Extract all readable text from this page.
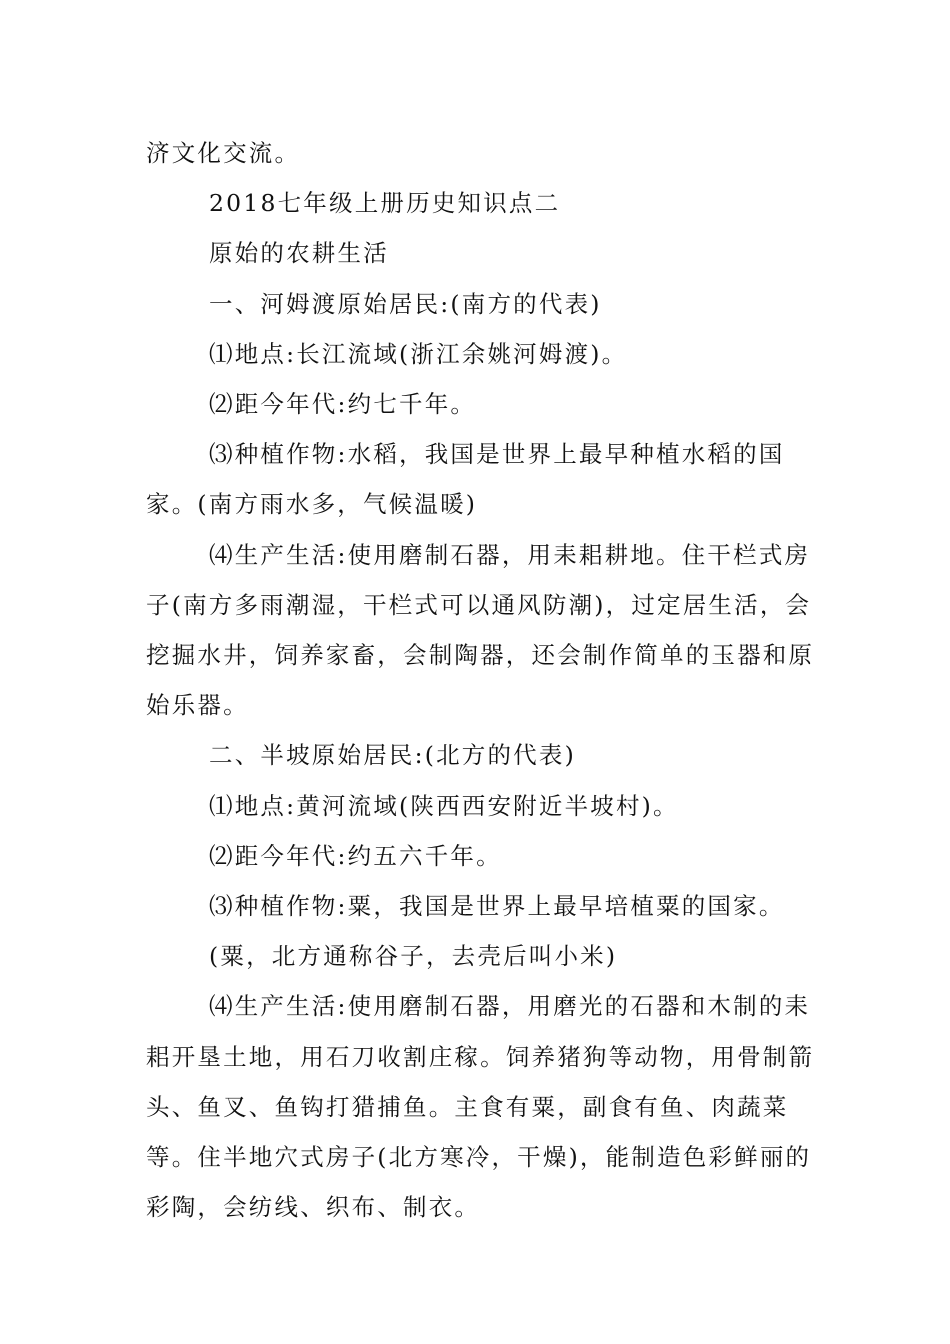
济文化交流。

2018七年级上册历史知识点二

原始的农耕生活

一、河姆渡原始居民:(南方的代表)

⑴地点:长江流域(浙江余姚河姆渡)。

⑵距今年代:约七千年。

⑶种植作物:水稻，我国是世界上最早种植水稻的国家。(南方雨水多，气候温暖)

⑷生产生活:使用磨制石器，用耒耜耕地。住干栏式房子(南方多雨潮湿，干栏式可以通风防潮)，过定居生活，会挖掘水井，饲养家畜，会制陶器，还会制作简单的玉器和原始乐器。

二、半坡原始居民:(北方的代表)

⑴地点:黄河流域(陕西西安附近半坡村)。

⑵距今年代:约五六千年。

⑶种植作物:粟，我国是世界上最早培植粟的国家。

(粟，北方通称谷子，去壳后叫小米)

⑷生产生活:使用磨制石器，用磨光的石器和木制的耒耜开垦土地，用石刀收割庄稼。饲养猪狗等动物，用骨制箭头、鱼叉、鱼钩打猎捕鱼。主食有粟，副食有鱼、肉蔬菜等。住半地穴式房子(北方寒冷，干燥)，能制造色彩鲜丽的彩陶，会纺线、织布、制衣。
